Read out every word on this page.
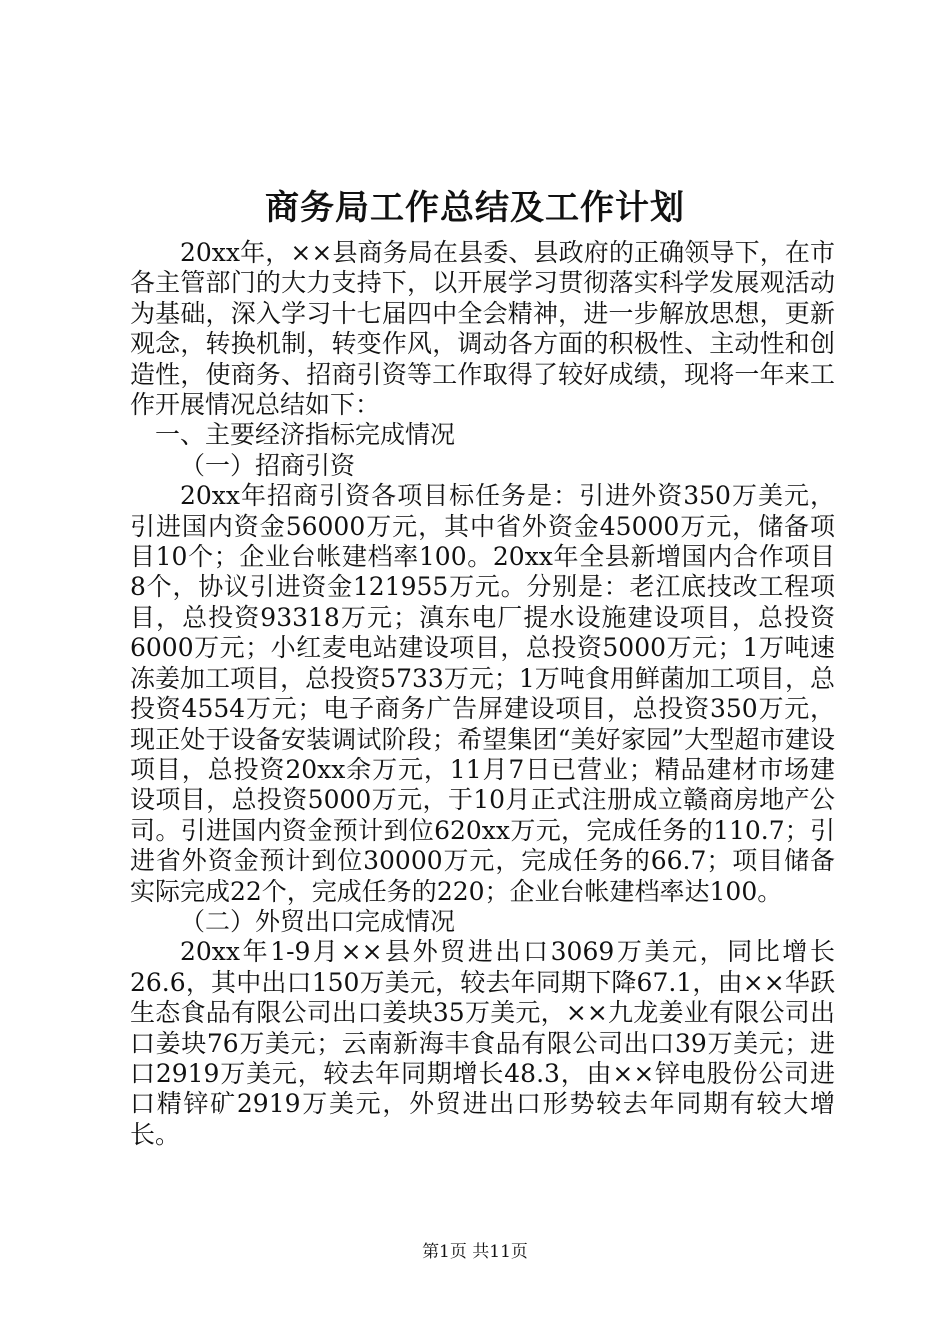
商务局工作总结及工作计划

20xx年，××县商务局在县委、县政府的正确领导下，在市各主管部门的大力支持下，以开展学习贯彻落实科学发展观活动为基础，深入学习十七届四中全会精神，进一步解放思想，更新观念，转换机制，转变作风，调动各方面的积极性、主动性和创造性，使商务、招商引资等工作取得了较好成绩，现将一年来工作开展情况总结如下：

一、主要经济指标完成情况

（一）招商引资

20xx年招商引资各项目标任务是：引进外资350万美元，引进国内资金56000万元，其中省外资金45000万元，储备项目10个；企业台帐建档率100。20xx年全县新增国内合作项目8个，协议引进资金121955万元。分别是：老江底技改工程项目，总投资93318万元；滇东电厂提水设施建设项目，总投资6000万元；小红麦电站建设项目，总投资5000万元；1万吨速冻姜加工项目，总投资5733万元；1万吨食用鲜菌加工项目，总投资4554万元；电子商务广告屏建设项目，总投资350万元，现正处于设备安装调试阶段；希望集团“美好家园”大型超市建设项目，总投资20xx余万元，11月7日已营业；精品建材市场建设项目，总投资5000万元，于10月正式注册成立赣商房地产公司。引进国内资金预计到位620xx万元，完成任务的110.7；引进省外资金预计到位30000万元，完成任务的66.7；项目储备实际完成22个，完成任务的220；企业台帐建档率达100。

（二）外贸出口完成情况

20xx年1-9月××县外贸进出口3069万美元，同比增长26.6，其中出口150万美元，较去年同期下降67.1，由××华跃生态食品有限公司出口姜块35万美元，××九龙姜业有限公司出口姜块76万美元；云南新海丰食品有限公司出口39万美元；进口2919万美元，较去年同期增长48.3，由××锌电股份公司进口精锌矿2919万美元，外贸进出口形势较去年同期有较大增长。

第1页 共11页
